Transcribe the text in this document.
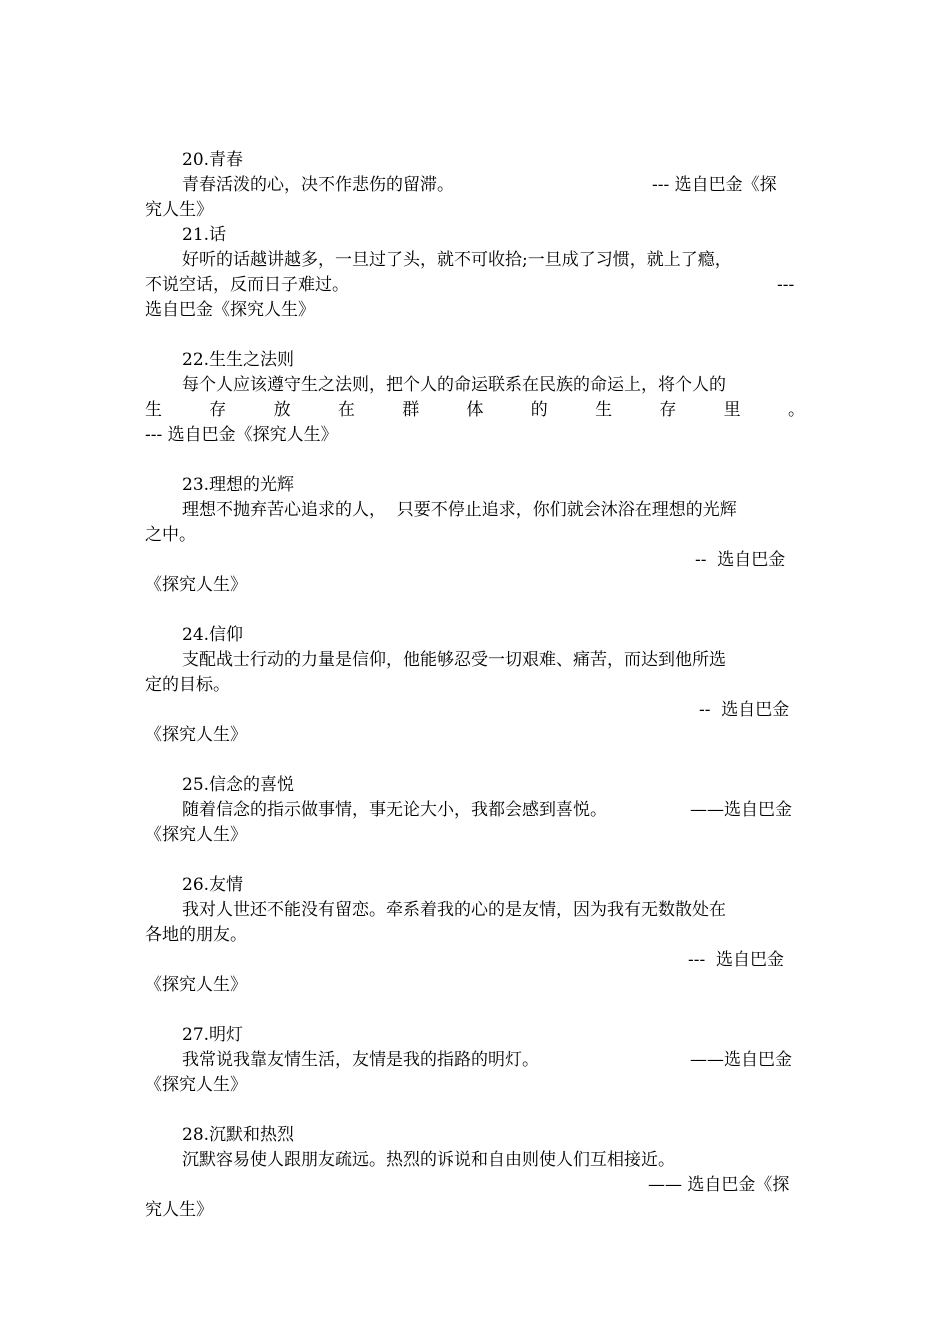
20.青春
青春活泼的心，决不作悲伤的留滞。	--- 选自巴金《探
究人生》
21.话
好听的话越讲越多，一旦过了头，就不可收拾;一旦成了习惯，就上了瘾，
不说空话，反而日子难过。	---
选自巴金《探究人生》
22.生生之法则
每个人应该遵守生之法则，把个人的命运联系在民族的命运上，将个人的
生	存	放	在	群	体	的	生	存	里	。
--- 选自巴金《探究人生》
23.理想的光辉
理想不抛弃苦心追求的人，  只要不停止追求，你们就会沐浴在理想的光辉
之中。
--  选自巴金
《探究人生》
24.信仰
支配战士行动的力量是信仰，他能够忍受一切艰难、痛苦，而达到他所选
定的目标。
--  选自巴金
《探究人生》
25.信念的喜悦
随着信念的指示做事情，事无论大小，我都会感到喜悦。	——选自巴金
《探究人生》
26.友情
我对人世还不能没有留恋。牵系着我的心的是友情，因为我有无数散处在
各地的朋友。
---  选自巴金
《探究人生》
27.明灯
我常说我靠友情生活，友情是我的指路的明灯。	——选自巴金
《探究人生》
28.沉默和热烈
沉默容易使人跟朋友疏远。热烈的诉说和自由则使人们互相接近。
—— 选自巴金《探
究人生》
